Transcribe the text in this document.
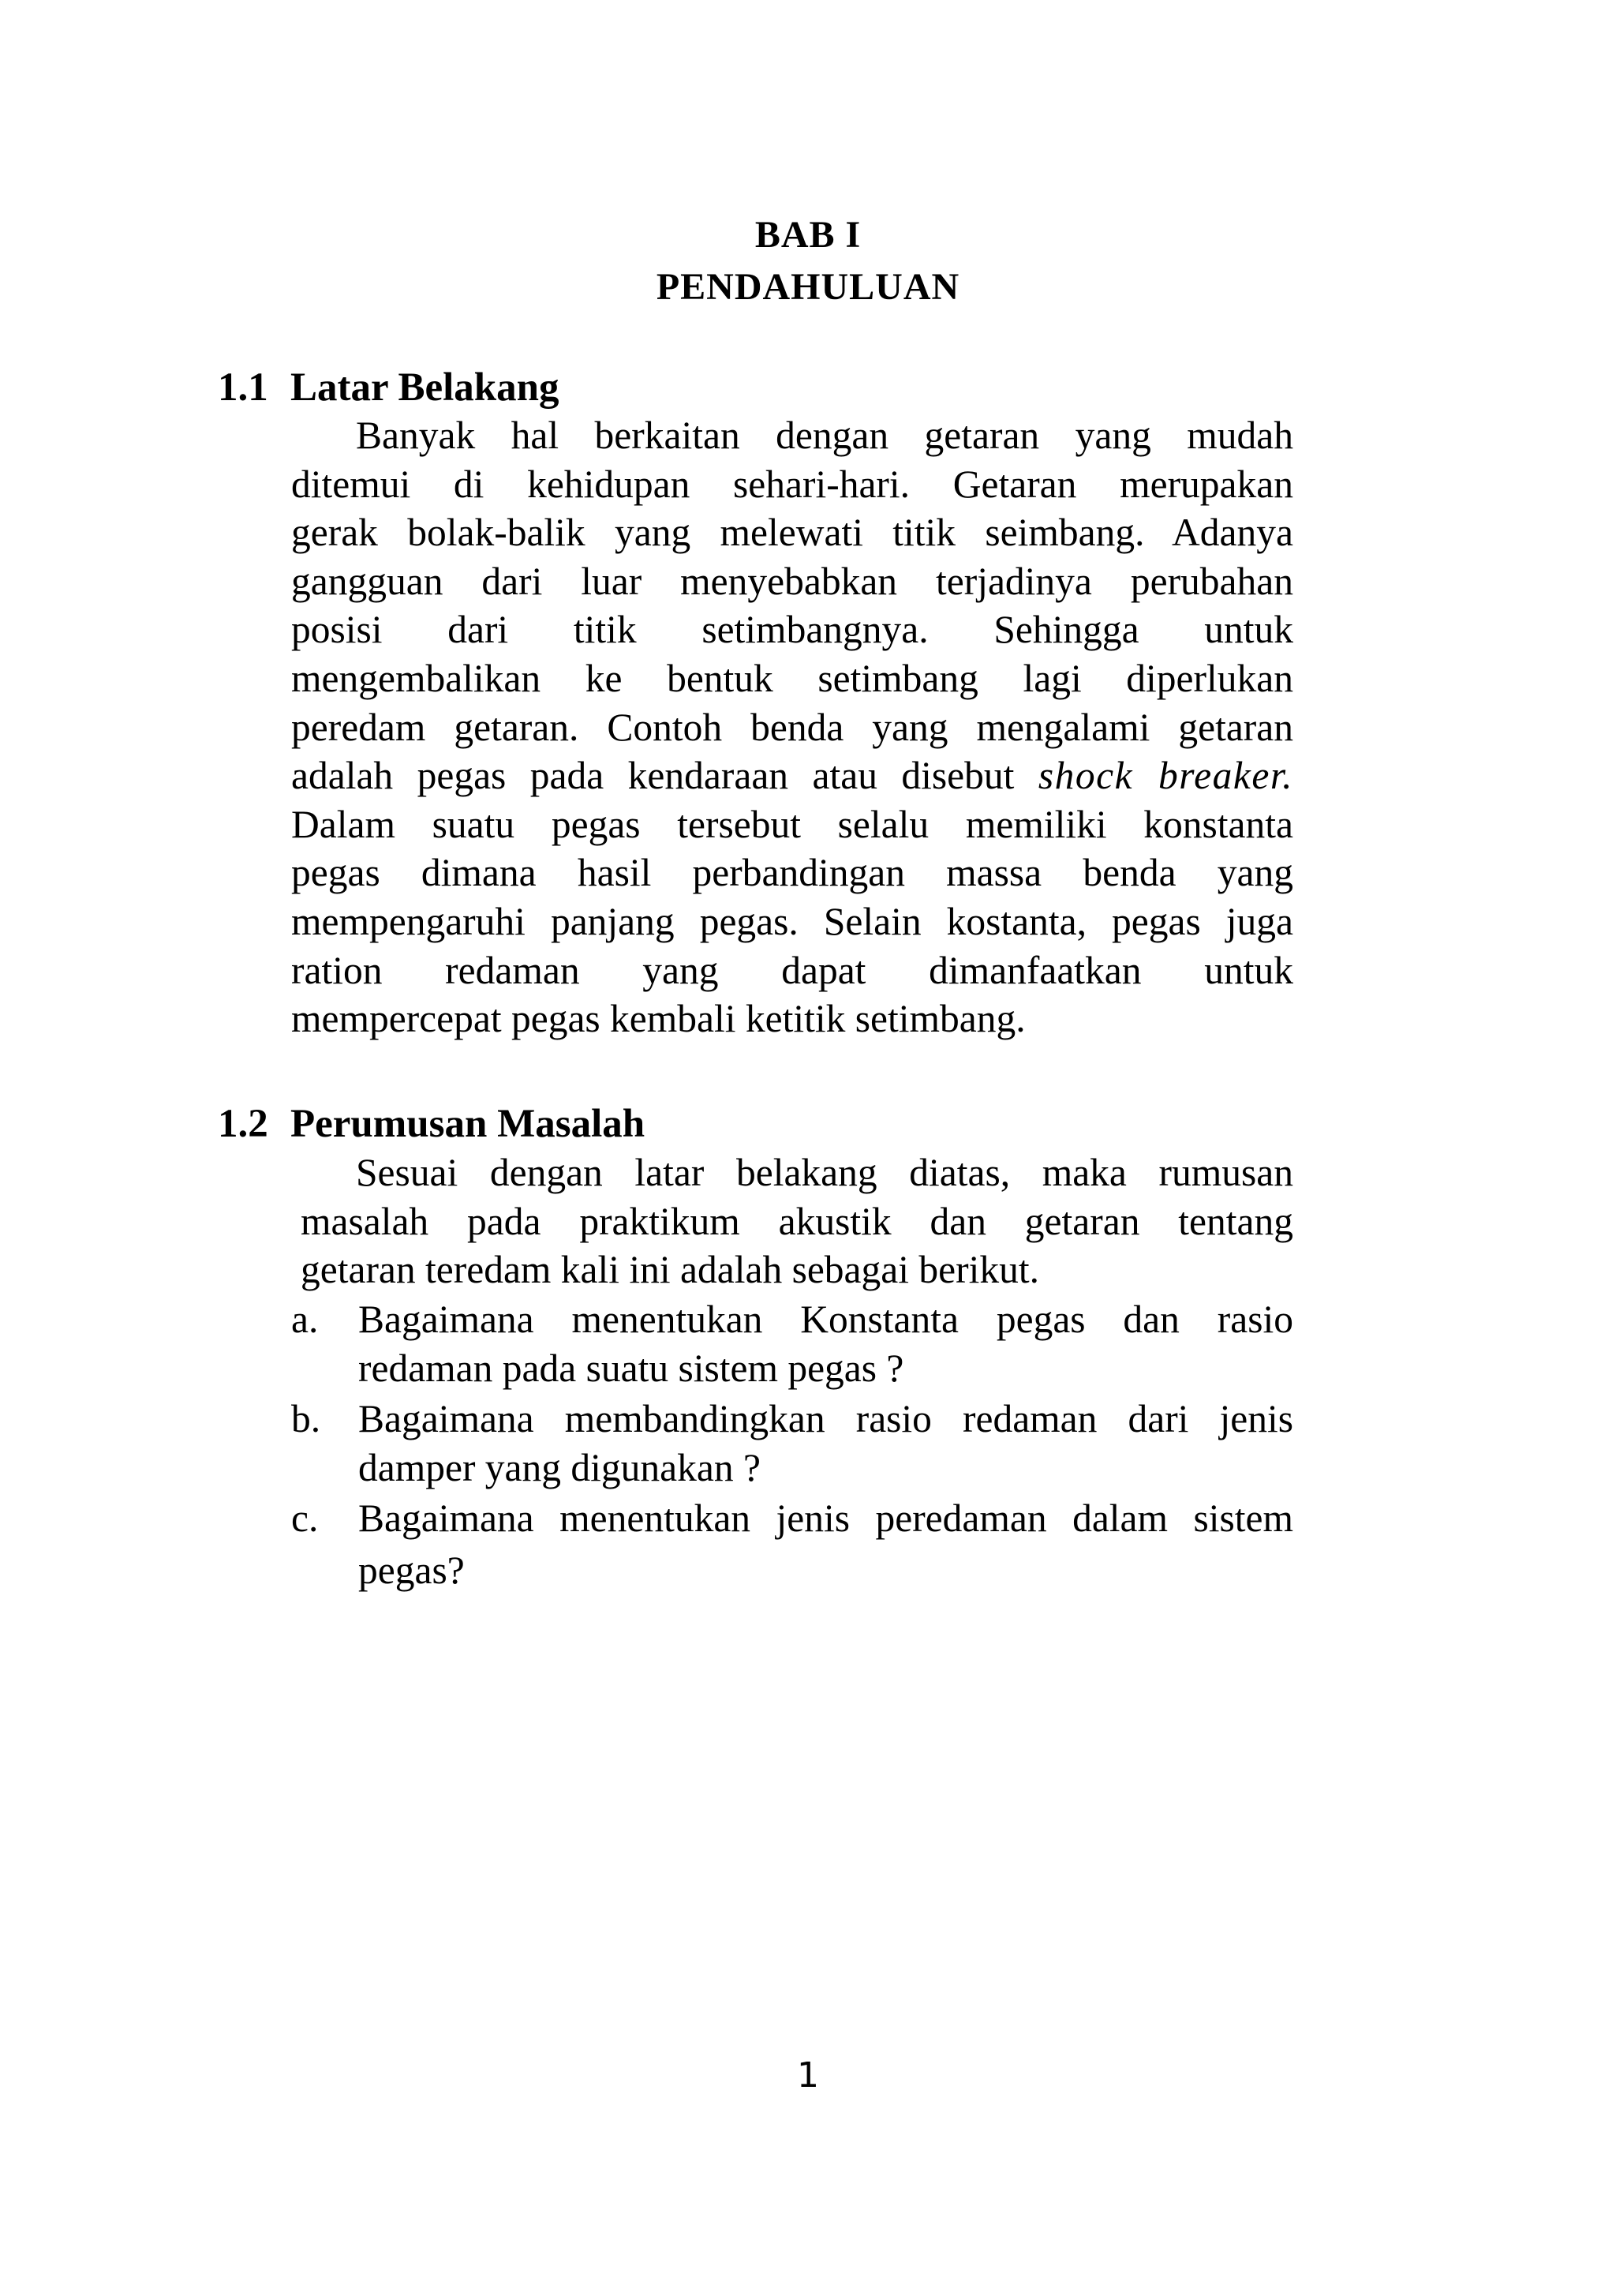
BAB I
PENDAHULUAN
1.1 Latar Belakang
Banyak hal berkaitan dengan getaran yang mudah
ditemui di kehidupan sehari-hari. Getaran merupakan
gerak bolak-balik yang melewati titik seimbang. Adanya
gangguan dari luar menyebabkan terjadinya perubahan
posisi dari titik setimbangnya. Sehingga untuk
mengembalikan ke bentuk setimbang lagi diperlukan
peredam getaran. Contoh benda yang mengalami getaran
adalah pegas pada kendaraan atau disebut shock breaker.
Dalam suatu pegas tersebut selalu memiliki konstanta
pegas dimana hasil perbandingan massa benda yang
mempengaruhi panjang pegas. Selain kostanta, pegas juga
ration redaman yang dapat dimanfaatkan untuk
mempercepat pegas kembali ketitik setimbang.
1.2 Perumusan Masalah
Sesuai dengan latar belakang diatas, maka rumusan
masalah pada praktikum akustik dan getaran tentang
getaran teredam kali ini adalah sebagai berikut.
a. Bagaimana menentukan Konstanta pegas dan rasio
redaman pada suatu sistem pegas ?
b. Bagaimana membandingkan rasio redaman dari jenis
damper yang digunakan ?
c. Bagaimana menentukan jenis peredaman dalam sistem
pegas?
1
